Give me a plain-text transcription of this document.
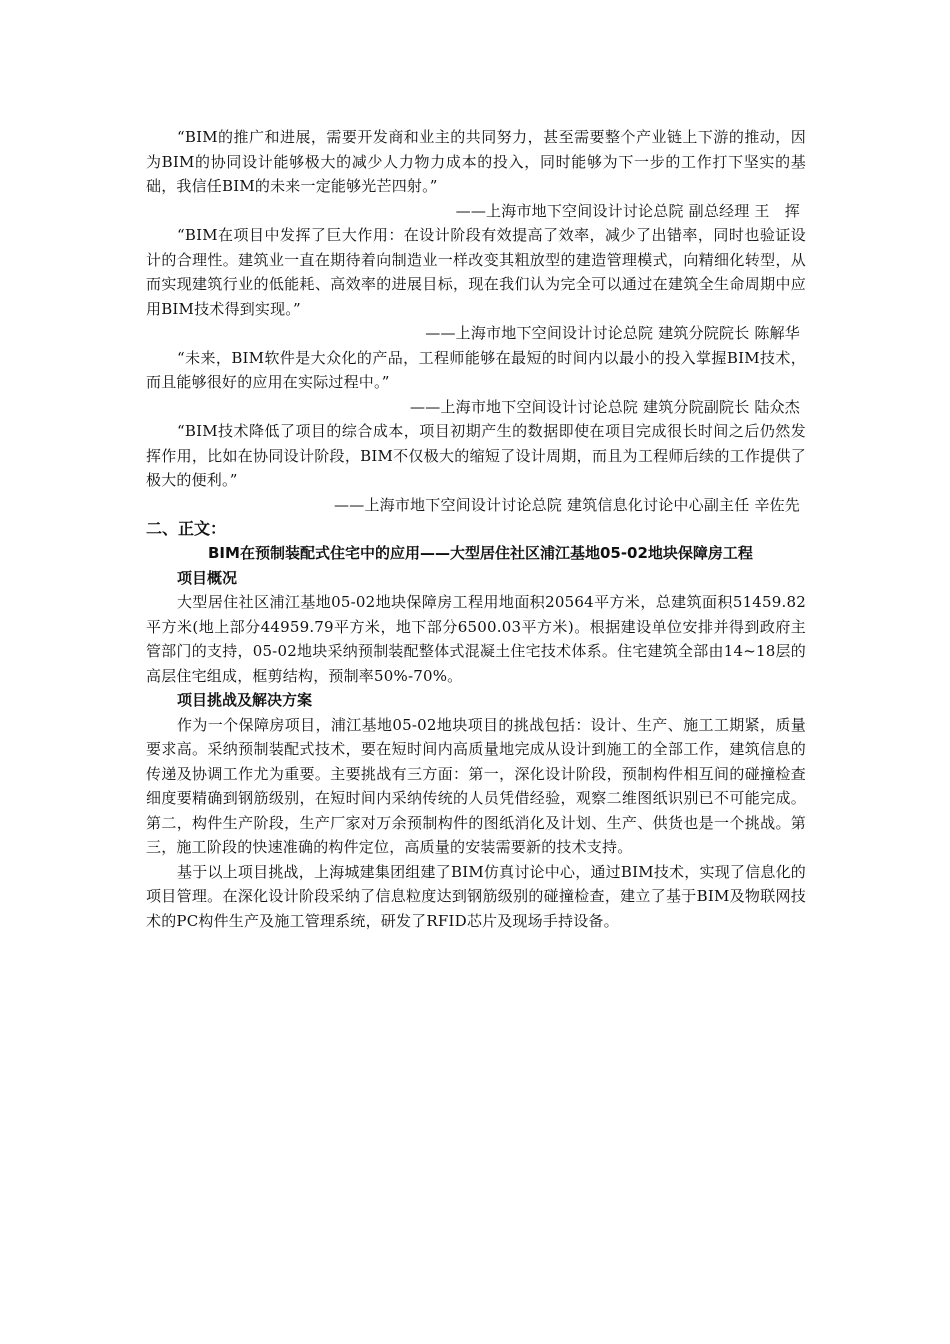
“BIM的推广和进展，需要开发商和业主的共同努力，甚至需要整个产业链上下游的推动，因为BIM的协同设计能够极大的减少人力物力成本的投入，同时能够为下一步的工作打下坚实的基础，我信任BIM的未来一定能够光芒四射。”

——上海市地下空间设计讨论总院 副总经理 王　挥

“BIM在项目中发挥了巨大作用：在设计阶段有效提高了效率，减少了出错率，同时也验证设计的合理性。建筑业一直在期待着向制造业一样改变其粗放型的建造管理模式，向精细化转型，从而实现建筑行业的低能耗、高效率的进展目标，现在我们认为完全可以通过在建筑全生命周期中应用BIM技术得到实现。”

——上海市地下空间设计讨论总院 建筑分院院长 陈解华

“未来，BIM软件是大众化的产品，工程师能够在最短的时间内以最小的投入掌握BIM技术，而且能够很好的应用在实际过程中。”

——上海市地下空间设计讨论总院 建筑分院副院长 陆众杰

“BIM技术降低了项目的综合成本，项目初期产生的数据即使在项目完成很长时间之后仍然发挥作用，比如在协同设计阶段，BIM不仅极大的缩短了设计周期，而且为工程师后续的工作提供了极大的便利。”

——上海市地下空间设计讨论总院 建筑信息化讨论中心副主任 辛佐先

二、正文：
BIM在预制装配式住宅中的应用——大型居住社区浦江基地05-02地块保障房工程
项目概况

大型居住社区浦江基地05-02地块保障房工程用地面积20564平方米，总建筑面积51459.82平方米(地上部分44959.79平方米，地下部分6500.03平方米)。根据建设单位安排并得到政府主管部门的支持，05-02地块采纳预制装配整体式混凝土住宅技术体系。住宅建筑全部由14~18层的高层住宅组成，框剪结构，预制率50%-70%。

项目挑战及解决方案

作为一个保障房项目，浦江基地05-02地块项目的挑战包括：设计、生产、施工工期紧，质量要求高。采纳预制装配式技术，要在短时间内高质量地完成从设计到施工的全部工作，建筑信息的传递及协调工作尤为重要。主要挑战有三方面：第一，深化设计阶段，预制构件相互间的碰撞检查细度要精确到钢筋级别，在短时间内采纳传统的人员凭借经验，观察二维图纸识别已不可能完成。第二，构件生产阶段，生产厂家对万余预制构件的图纸消化及计划、生产、供货也是一个挑战。第三，施工阶段的快速准确的构件定位，高质量的安装需要新的技术支持。

基于以上项目挑战，上海城建集团组建了BIM仿真讨论中心，通过BIM技术，实现了信息化的项目管理。在深化设计阶段采纳了信息粒度达到钢筋级别的碰撞检查，建立了基于BIM及物联网技术的PC构件生产及施工管理系统，研发了RFID芯片及现场手持设备。
